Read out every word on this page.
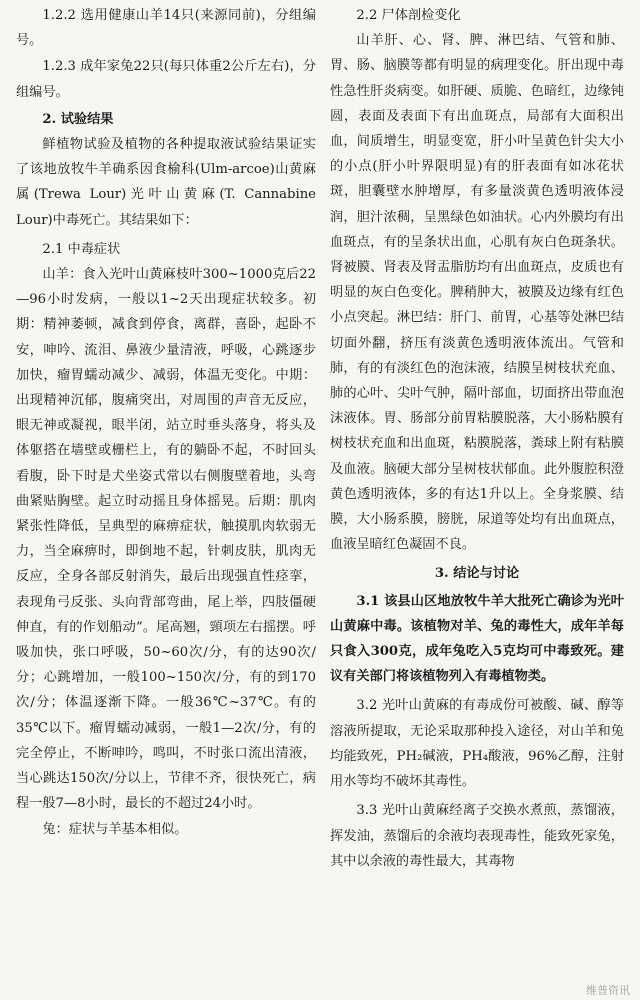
1.2.2 选用健康山羊14只(来源同前)，分组编号。

1.2.3 成年家兔22只(每只体重2公斤左右)，分组编号。

2. 试验结果

鲜植物试验及植物的各种提取液试验结果证实了该地放牧牛羊确系因食榆科(Ulm-arcoe)山黄麻属(Trewa Lour)光叶山黄麻(T. Cannabine Lour)中毒死亡。其结果如下：

2.1 中毒症状

山羊：食入光叶山黄麻枝叶300~1000克后22—96小时发病，一般以1~2天出现症状较多。初期：精神萎顿，减食到停食，离群，喜卧，起卧不安，呻吟、流泪、鼻液少量清液，呼吸，心跳逐步加快，瘤胃蠕动减少、减弱，体温无变化。中期：出现精神沉郁，腹痛突出，对周围的声音无反应，眼无神或凝视，眼半闭，站立时垂头落身，将头及体躯搭在墙壁或栅栏上，有的躺卧不起，不时回头看腹，卧下时是犬坐姿式常以右侧腹壁着地，头弯曲紧贴胸壁。起立时动摇且身体摇晃。后期：肌肉紧张性降低，呈典型的麻痹症状，触摸肌肉软弱无力，当全麻痹时，即倒地不起，针刺皮肤，肌肉无反应，全身各部反射消失，最后出现强直性痉挛，表现角弓反张、头向背部弯曲，尾上举，四肢僵硬伸直，有的作划船动”。尾高翘，頸项左右摇摆。呼吸加快，张口呼吸，50~60次/分，有的达90次/分；心跳增加，一般100~150次/分，有的到170次/分；体温逐渐下降。一般36℃~37℃。有的35℃以下。瘤胃蠕动减弱，一般1—2次/分，有的完全停止，不断呻吟，鸣叫，不时张口流出清液，当心跳达150次/分以上，节律不齐，很快死亡，病程一般7—8小时，最长的不超过24小时。

兔：症状与羊基本相似。

2.2 尸体剖检变化

山羊肝、心、肾、脾、淋巴结、气管和肺、胃、肠、脑膜等都有明显的病理变化。肝出现中毒性急性肝炎病变。如肝硬、质脆、色暗红，边缘钝圆，表面及表面下有出血斑点，局部有大面积出血，间质增生，明显变宽，肝小叶呈黄色针尖大小的小点(肝小叶界限明显)有的肝表面有如冰花状斑，胆囊壁水肿增厚，有多量淡黄色透明液体浸润，胆汁浓稠，呈黑绿色如油状。心内外膜均有出血斑点，有的呈条状出血，心肌有灰白色斑条状。肾被膜、肾表及肾盂脂肪均有出血斑点，皮质也有明显的灰白色变化。脾稍肿大，被膜及边缘有红色小点突起。淋巴结：肝门、前胃，心基等处淋巴结切面外翻，挤压有淡黄色透明液体流出。气管和肺，有的有淡红色的泡沫液，结膜呈树枝状充血、肺的心叶、尖叶气肿，隔叶部血，切面挤出带血泡沫液体。胃、肠部分前胃粘膜脱落，大小肠粘膜有树枝状充血和出血斑，粘膜脱落，粪球上附有粘膜及血液。脑硬大部分呈树枝状郁血。此外腹腔积澄黄色透明液体，多的有达1升以上。全身浆膜、结膜，大小肠系膜，膀胱，尿道等处均有出血斑点，血液呈暗红色凝固不良。

3. 结论与讨论

3.1 该县山区地放牧牛羊大批死亡确诊为光叶山黄麻中毒。该植物对羊、兔的毒性大，成年羊每只食入300克，成年兔吃入5克均可中毒致死。建议有关部门将该植物列入有毒植物类。

3.2 光叶山黄麻的有毒成份可被酸、碱、醇等溶液所提取，无论采取那种投入途径，对山羊和兔均能致死，PH₂碱液，PH₄酸液，96%乙醇，注射用水等均不破坏其毒性。

3.3 光叶山黄麻经离子交换水煮煎，蒸馏液，挥发油，蒸馏后的余液均表现毒性，能致死家兔，其中以余液的毒性最大，其毒物

维普资讯
